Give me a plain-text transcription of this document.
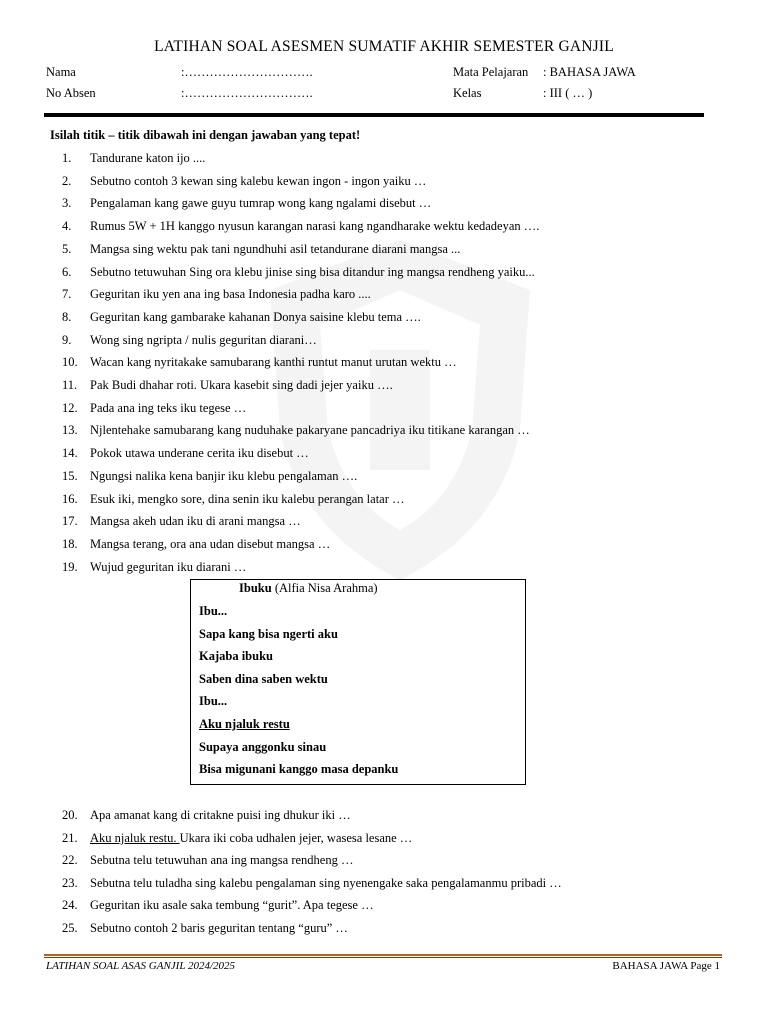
LATIHAN SOAL ASESMEN SUMATIF AKHIR SEMESTER GANJIL
Nama	:………………………….
No Absen	:………………………….
Mata Pelajaran : BAHASA JAWA
Kelas	: III ( … )
Isilah titik – titik dibawah ini dengan jawaban yang tepat!
1. Tandurane katon ijo ....
2. Sebutno contoh 3 kewan sing kalebu kewan ingon - ingon yaiku …
3. Pengalaman kang gawe guyu tumrap wong kang ngalami disebut …
4. Rumus 5W + 1H kanggo nyusun karangan narasi kang ngandharake wektu kedadeyan ….
5. Mangsa sing wektu pak tani ngundhuhi asil tetandurane diarani mangsa ...
6. Sebutno tetuwuhan Sing ora klebu jinise sing bisa ditandur ing mangsa rendheng yaiku...
7. Geguritan iku yen ana ing basa Indonesia padha karo ....
8. Geguritan kang gambarake kahanan Donya saisine klebu tema ….
9. Wong sing ngripta / nulis geguritan diarani…
10. Wacan kang nyritakake samubarang kanthi runtut manut urutan wektu …
11. Pak Budi dhahar roti. Ukara kasebit sing dadi jejer yaiku ….
12. Pada ana ing teks iku tegese …
13. Njlentehake samubarang kang nuduhake pakaryane pancadriya iku titikane karangan …
14. Pokok utawa underane cerita iku disebut …
15. Ngungsi nalika kena banjir iku klebu pengalaman ….
16. Esuk iki, mengko sore, dina senin iku kalebu perangan latar …
17. Mangsa akeh udan iku di arani mangsa …
18. Mangsa terang, ora ana udan disebut mangsa …
19. Wujud geguritan iku diarani …
Ibuku (Alfia Nisa Arahma)
Ibu...
Sapa kang bisa ngerti aku
Kajaba ibuku
Saben dina saben wektu
Ibu...
Aku njaluk restu
Supaya anggonku sinau
Bisa migunani kanggo masa depanku
20. Apa amanat kang di critakne puisi ing dhukur iki …
21. Aku njaluk restu. Ukara iki coba udhalen jejer, wasesa lesane …
22. Sebutna telu tetuwuhan ana ing mangsa rendheng …
23. Sebutna telu tuladha sing kalebu pengalaman sing nyenengake saka pengalamanmu pribadi …
24. Geguritan iku asale saka tembung “gurit”. Apa tegese …
25. Sebutno contoh 2 baris geguritan tentang “guru” …
LATIHAN SOAL ASAS GANJIL 2024/2025	BAHASA JAWA Page 1
